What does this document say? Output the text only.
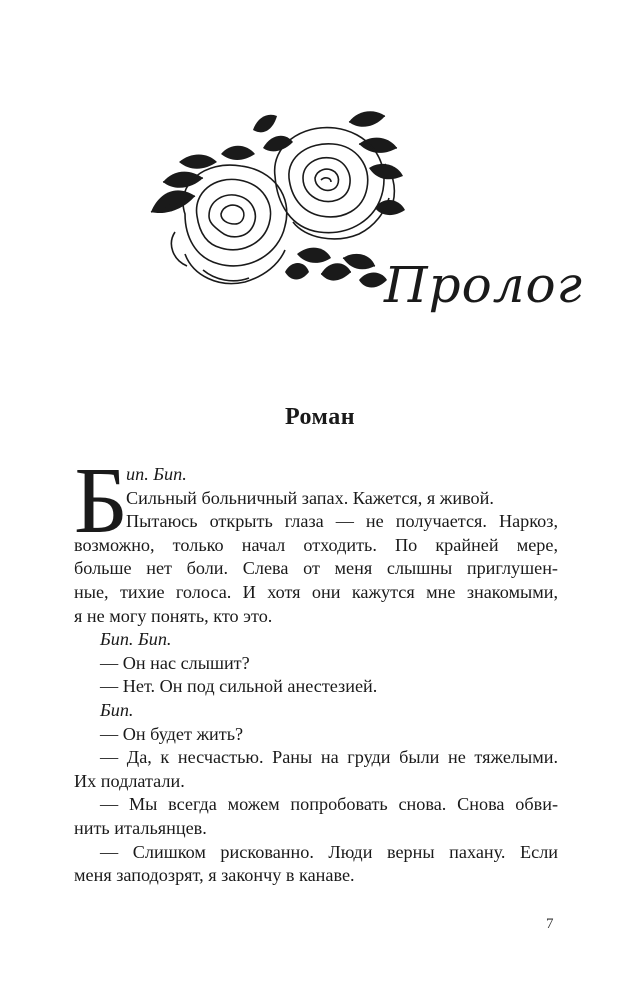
Пролог
Роман
Б
ип. Бип.
Сильный больничный запах. Кажется, я живой.
Пытаюсь открыть глаза — не получается. Наркоз,
возможно, только начал отходить. По крайней мере,
больше нет боли. Слева от меня слышны приглушен-
ные, тихие голоса. И хотя они кажутся мне знакомыми,
я не могу понять, кто это.
Бип. Бип.
— Он нас слышит?
— Нет. Он под сильной анестезией.
Бип.
— Он будет жить?
— Да, к несчастью. Раны на груди были не тяжелыми.
Их подлатали.
— Мы всегда можем попробовать снова. Снова обви-
нить итальянцев.
— Слишком рискованно. Люди верны пахану. Если
меня заподозрят, я закончу в канаве.
7
